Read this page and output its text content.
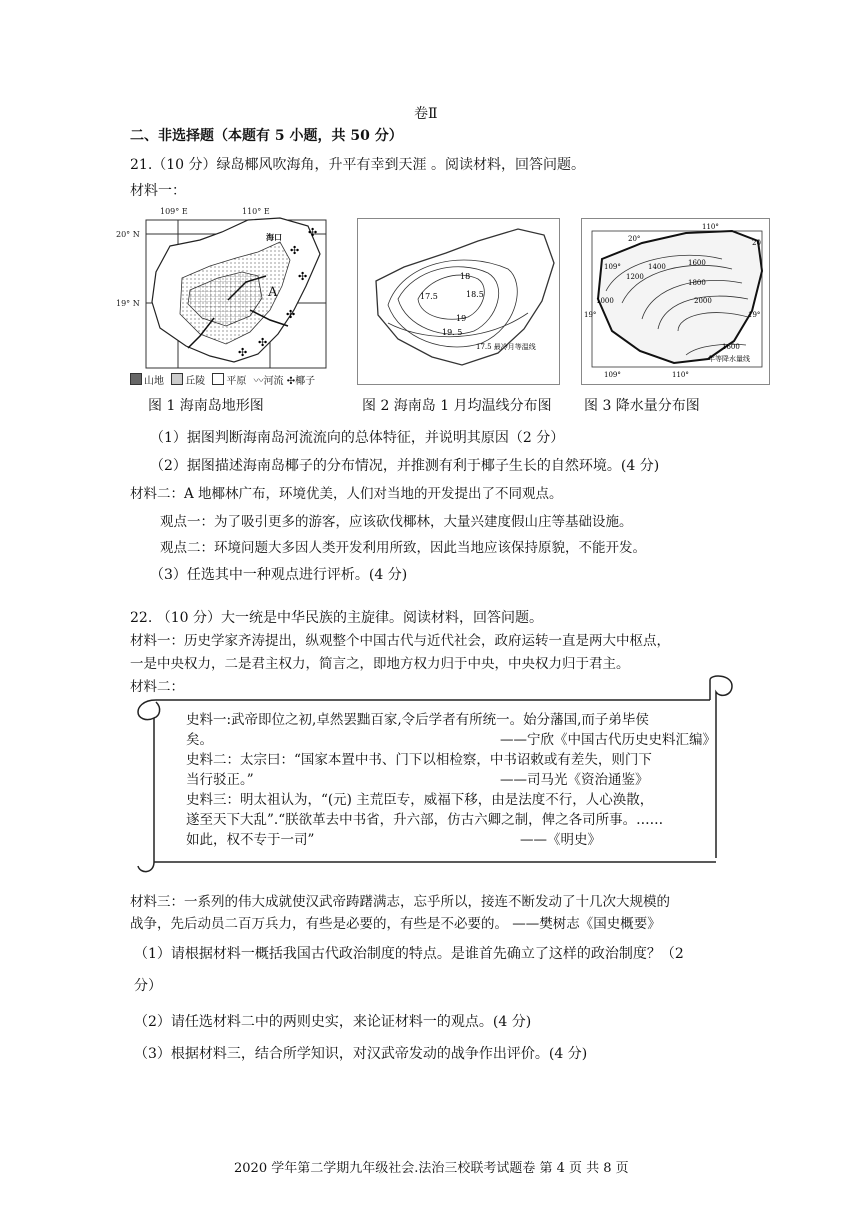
卷Ⅱ
二、非选择题（本题有 5 小题，共 50 分）
21.（10 分）绿岛椰风吹海角，升平有幸到天涯 。阅读材料，回答问题。
材料一：
109° E	110° E
20° N
19° N
海口
A
✣
✣
✣
✣
✣
✣
山地 丘陵 平原 〰河流 ✣椰子
图 1 海南岛地形图
18
17.5	18.5
19
19. 5
17.5 最冷月等温线
图 2 海南岛 1 月均温线分布图
110°
20°	20
109°
1200
1400	1600
1800
2000
1000
19°	19°
1600
109°	110°
年等降水量线
图 3 降水量分布图
（1）据图判断海南岛河流流向的总体特征，并说明其原因（2 分）
（2）据图描述海南岛椰子的分布情况，并推测有利于椰子生长的自然环境。(4 分)
材料二：A 地椰林广布，环境优美，人们对当地的开发提出了不同观点。
观点一：为了吸引更多的游客，应该砍伐椰林，大量兴建度假山庄等基础设施。
观点二：环境问题大多因人类开发利用所致，因此当地应该保持原貌，不能开发。
（3）任选其中一种观点进行评析。(4 分)
22. （10 分）大一统是中华民族的主旋律。阅读材料，回答问题。
材料一：历史学家齐涛提出，纵观整个中国古代与近代社会，政府运转一直是两大中枢点，
一是中央权力，二是君主权力，简言之，即地方权力归于中央，中央权力归于君主。
材料二：
史料一:武帝即位之初,卓然罢黜百家,令后学者有所统一。始分藩国,而子弟毕侯
矣。	——宁欣《中国古代历史史料汇编》
史料二：太宗曰：“国家本置中书、门下以相检察，中书诏敕或有差失，则门下
当行驳正。”	——司马光《资治通鉴》
史料三：明太祖认为，“(元) 主荒臣专，威福下移，由是法度不行，人心涣散，
遂至天下大乱”.“朕欲革去中书省，升六部，仿古六卿之制，俾之各司所事。……
如此，权不专于一司”	——《明史》
材料三：一系列的伟大成就使汉武帝踌躇满志，忘乎所以，接连不断发动了十几次大规模的
战争，先后动员二百万兵力，有些是必要的，有些是不必要的。 ——樊树志《国史概要》
（1）请根据材料一概括我国古代政治制度的特点。是谁首先确立了这样的政治制度？（2
分）
（2）请任选材料二中的两则史实，来论证材料一的观点。(4 分)
（3）根据材料三，结合所学知识，对汉武帝发动的战争作出评价。(4 分)
2020 学年第二学期九年级社会.法治三校联考试题卷 第 4 页 共 8 页
